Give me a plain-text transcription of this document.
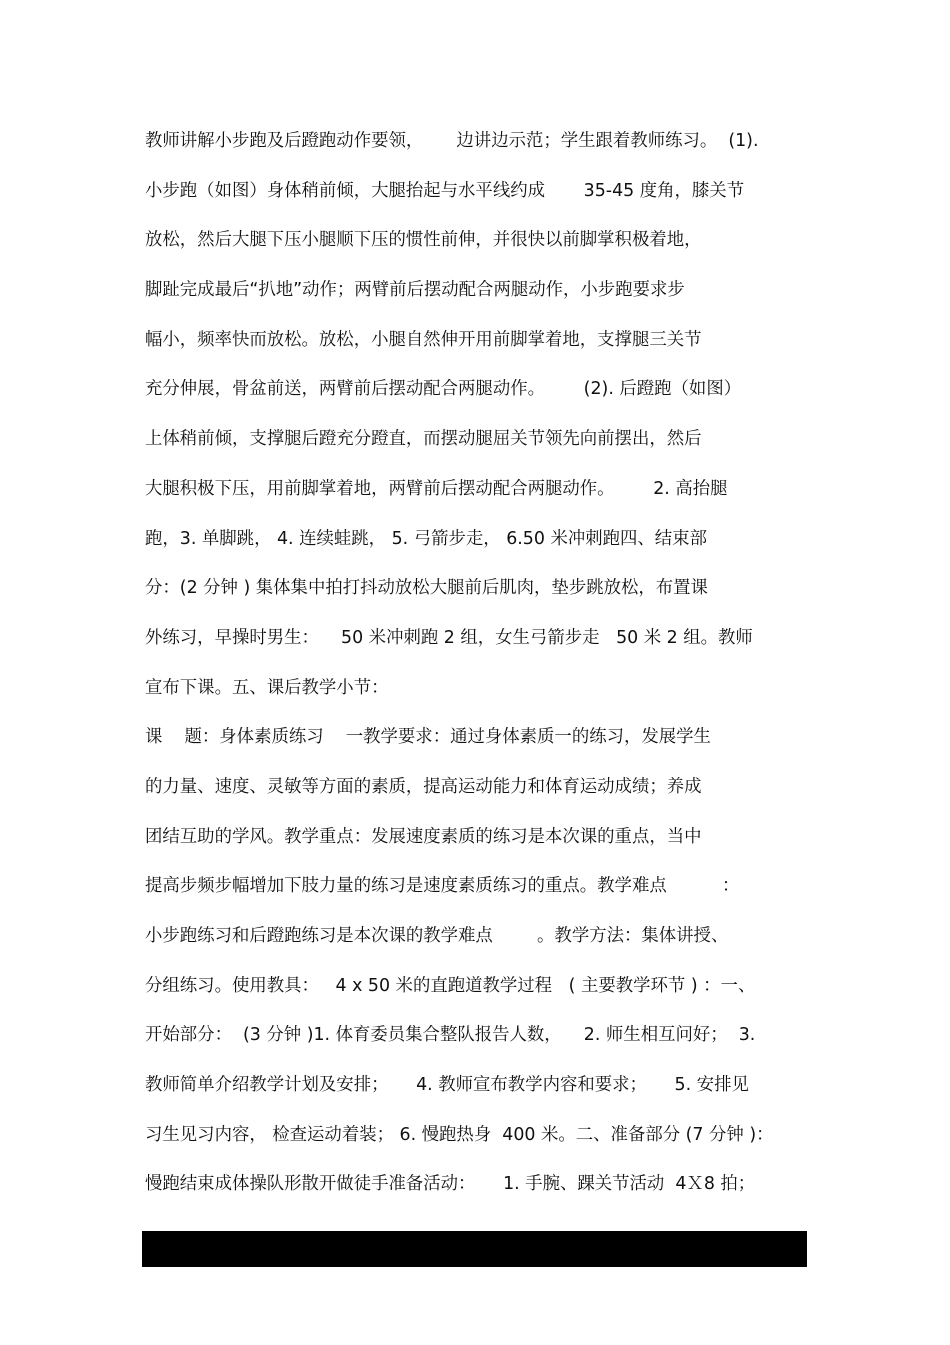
教师讲解小步跑及后蹬跑动作要领，      边讲边示范；学生跟着教师练习。  (1).
小步跑（如图）身体稍前倾，大腿抬起与水平线约成       35-45 度角，膝关节
放松，然后大腿下压小腿顺下压的惯性前伸，并很快以前脚掌积极着地，
脚趾完成最后“扒地”动作；两臂前后摆动配合两腿动作，小步跑要求步
幅小，频率快而放松。放松，小腿自然伸开用前脚掌着地，支撑腿三关节
充分伸展，骨盆前送，两臂前后摆动配合两腿动作。       (2). 后蹬跑（如图）
上体稍前倾，支撑腿后蹬充分蹬直，而摆动腿屈关节领先向前摆出，然后
大腿积极下压，用前脚掌着地，两臂前后摆动配合两腿动作。       2. 高抬腿
跑，3. 单脚跳， 4. 连续蛙跳， 5. 弓箭步走， 6.50 米冲刺跑四、结束部
分：(2 分钟 ) 集体集中拍打抖动放松大腿前后肌肉，垫步跳放松，布置课
外练习，早操时男生：    50 米冲刺跑 2 组，女生弓箭步走   50 米 2 组。教师
宣布下课。五、课后教学小节：
课    题：身体素质练习    一教学要求：通过身体素质一的练习，发展学生
的力量、速度、灵敏等方面的素质，提高运动能力和体育运动成绩；养成
团结互助的学风。教学重点：发展速度素质的练习是本次课的重点，当中
提高步频步幅增加下肢力量的练习是速度素质练习的重点。教学难点          ：
小步跑练习和后蹬跑练习是本次课的教学难点        。教学方法：集体讲授、
分组练习。使用教具：   4 x 50 米的直跑道教学过程   ( 主要教学环节 ) ：一、
开始部分：  (3 分钟 )1. 体育委员集合整队报告人数，    2. 师生相互问好；  3.
教师简单介绍教学计划及安排；     4. 教师宣布教学内容和要求；     5. 安排见
习生见习内容， 检查运动着装； 6. 慢跑热身  400 米。二、准备部分 (7 分钟 )：
慢跑结束成体操队形散开做徒手准备活动：     1. 手腕、踝关节活动  4Ｘ8 拍；
